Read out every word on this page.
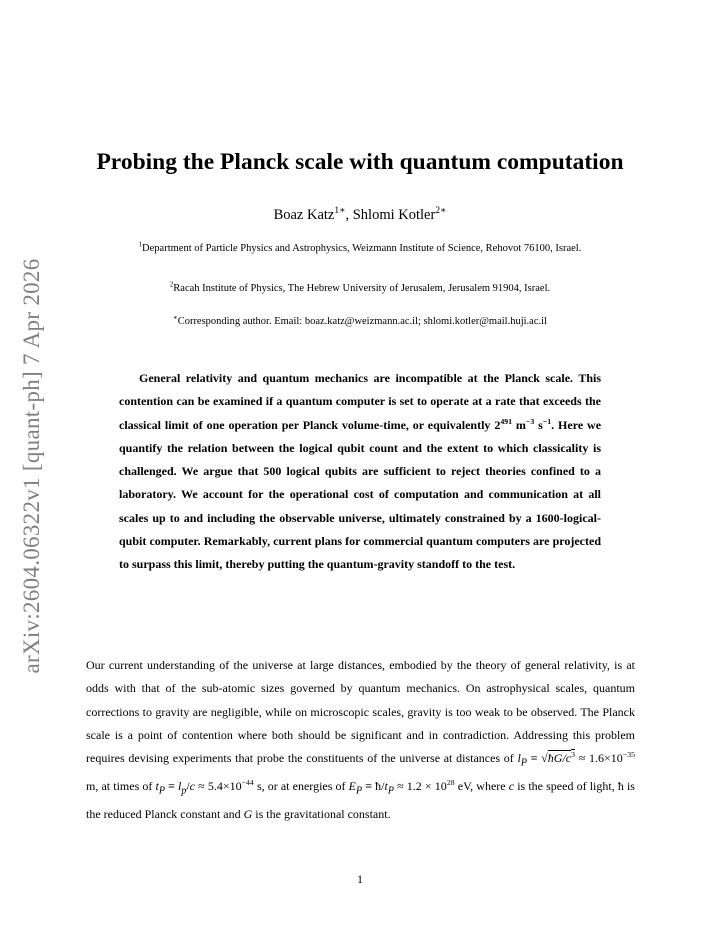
arXiv:2604.06322v1 [quant-ph] 7 Apr 2026
Probing the Planck scale with quantum computation
Boaz Katz$^{1∗}$, Shlomi Kotler$^{2∗}$
$^1$Department of Particle Physics and Astrophysics, Weizmann Institute of Science, Rehovot 76100, Israel.
$^2$Racah Institute of Physics, The Hebrew University of Jerusalem, Jerusalem 91904, Israel.
∗Corresponding author. Email: boaz.katz@weizmann.ac.il; shlomi.kotler@mail.huji.ac.il
General relativity and quantum mechanics are incompatible at the Planck scale. This contention can be examined if a quantum computer is set to operate at a rate that exceeds the classical limit of one operation per Planck volume-time, or equivalently $2^{491}$ $m^{-3}$ $s^{-1}$. Here we quantify the relation between the logical qubit count and the extent to which classicality is challenged. We argue that 500 logical qubits are sufficient to reject theories confined to a laboratory. We account for the operational cost of computation and communication at all scales up to and including the observable universe, ultimately constrained by a 1600-logical-qubit computer. Remarkably, current plans for commercial quantum computers are projected to surpass this limit, thereby putting the quantum-gravity standoff to the test.
Our current understanding of the universe at large distances, embodied by the theory of general relativity, is at odds with that of the sub-atomic sizes governed by quantum mechanics. On astrophysical scales, quantum corrections to gravity are negligible, while on microscopic scales, gravity is too weak to be observed. The Planck scale is a point of contention where both should be significant and in contradiction. Addressing this problem requires devising experiments that probe the constituents of the universe at distances of $l_P$ ≡ $√ħG/c^3 \approx 1.6\times 10^{-35}$ m, at times of $t_P \equiv l_p/c \approx 5.4\times 10^{-44}$ s, or at energies of $E_P$ ≡ $ħ/t_P \approx 1.2 \times 10^{28}$ eV, where c is the speed of light, ħ is the reduced Planck constant and G is the gravitational constant.
1
